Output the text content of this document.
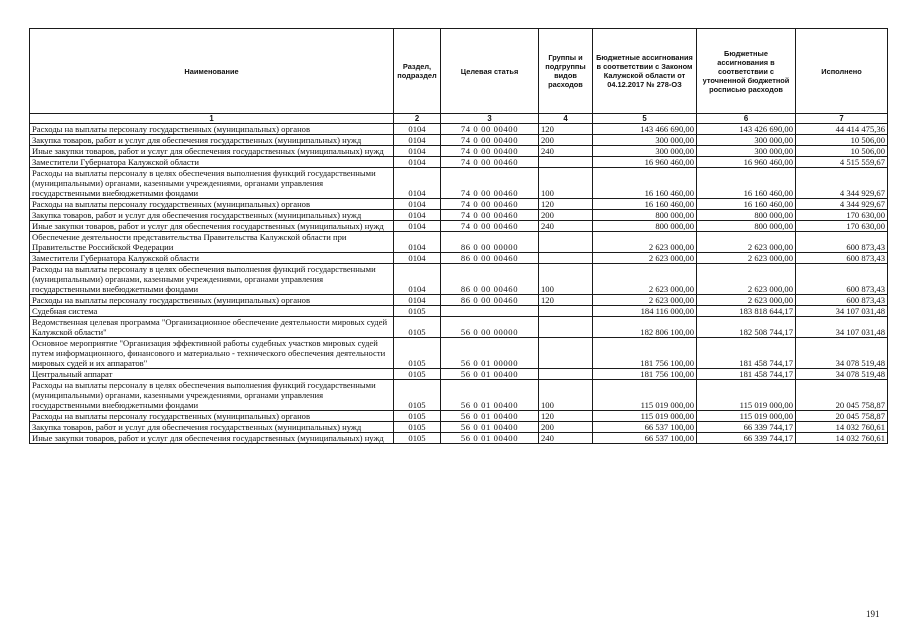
Наименование	Раздел, подраздел	Целевая статья	Группы и подгруппы видов расходов	Бюджетные ассигнования в соответствии с Законом Калужской области от 04.12.2017 № 278-ОЗ	Бюджетные ассигнования в соответствии с уточненной бюджетной росписью расходов	Исполнено
1	2	3	4	5	6	7
Расходы на выплаты персоналу государственных (муниципальных) органов	0104	74 0 00 00400	120	143 466 690,00	143 426 690,00	44 414 475,36
Закупка товаров, работ и услуг для обеспечения государственных (муниципальных) нужд	0104	74 0 00 00400	200	300 000,00	300 000,00	10 506,00
Иные закупки товаров, работ и услуг для обеспечения государственных (муниципальных) нужд	0104	74 0 00 00400	240	300 000,00	300 000,00	10 506,00
Заместители Губернатора Калужской области	0104	74 0 00 00460		16 960 460,00	16 960 460,00	4 515 559,67
Расходы на выплаты персоналу в целях обеспечения выполнения функций государственными (муниципальными) органами, казенными учреждениями, органами управления государственными внебюджетными фондами	0104	74 0 00 00460	100	16 160 460,00	16 160 460,00	4 344 929,67
Расходы на выплаты персоналу государственных (муниципальных) органов	0104	74 0 00 00460	120	16 160 460,00	16 160 460,00	4 344 929,67
Закупка товаров, работ и услуг для обеспечения государственных (муниципальных) нужд	0104	74 0 00 00460	200	800 000,00	800 000,00	170 630,00
Иные закупки товаров, работ и услуг для обеспечения государственных (муниципальных) нужд	0104	74 0 00 00460	240	800 000,00	800 000,00	170 630,00
Обеспечение деятельности представительства Правительства Калужской области при Правительстве Российской Федерации	0104	86 0 00 00000		2 623 000,00	2 623 000,00	600 873,43
Заместители Губернатора Калужской области	0104	86 0 00 00460		2 623 000,00	2 623 000,00	600 873,43
Расходы на выплаты персоналу в целях обеспечения выполнения функций государственными (муниципальными) органами, казенными учреждениями, органами управления государственными внебюджетными фондами	0104	86 0 00 00460	100	2 623 000,00	2 623 000,00	600 873,43
Расходы на выплаты персоналу государственных (муниципальных) органов	0104	86 0 00 00460	120	2 623 000,00	2 623 000,00	600 873,43
Судебная система	0105			184 116 000,00	183 818 644,17	34 107 031,48
Ведомственная целевая программа "Организационное обеспечение деятельности мировых судей Калужской области"	0105	56 0 00 00000		182 806 100,00	182 508 744,17	34 107 031,48
Основное мероприятие "Организация эффективной работы судебных участков мировых судей путем информационного, финансового и материально - технического обеспечения деятельности мировых судей и их аппаратов"	0105	56 0 01 00000		181 756 100,00	181 458 744,17	34 078 519,48
Центральный аппарат	0105	56 0 01 00400		181 756 100,00	181 458 744,17	34 078 519,48
Расходы на выплаты персоналу в целях обеспечения выполнения функций государственными (муниципальными) органами, казенными учреждениями, органами управления государственными внебюджетными фондами	0105	56 0 01 00400	100	115 019 000,00	115 019 000,00	20 045 758,87
Расходы на выплаты персоналу государственных (муниципальных) органов	0105	56 0 01 00400	120	115 019 000,00	115 019 000,00	20 045 758,87
Закупка товаров, работ и услуг для обеспечения государственных (муниципальных) нужд	0105	56 0 01 00400	200	66 537 100,00	66 339 744,17	14 032 760,61
Иные закупки товаров, работ и услуг для обеспечения государственных (муниципальных) нужд	0105	56 0 01 00400	240	66 537 100,00	66 339 744,17	14 032 760,61
191
